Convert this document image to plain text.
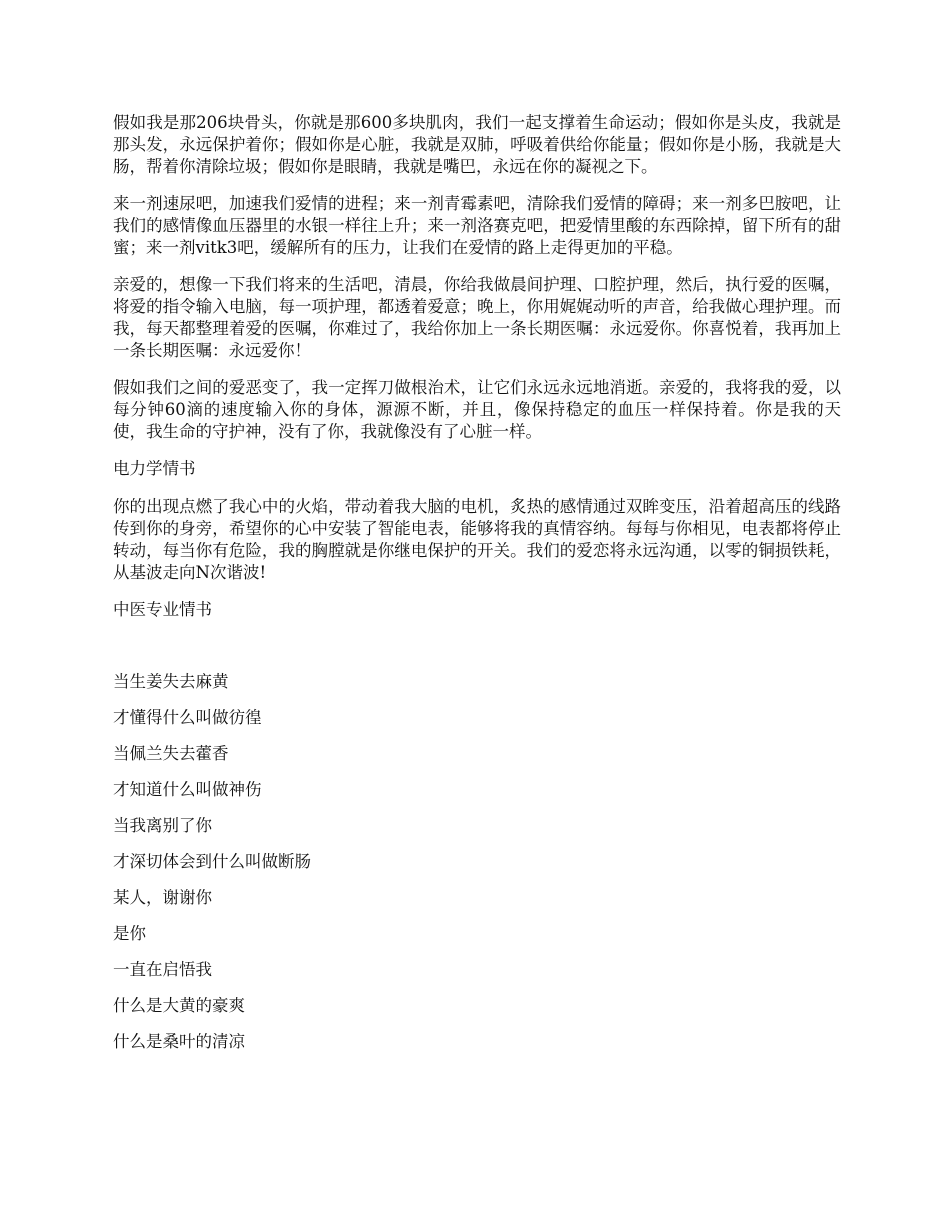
假如我是那206块骨头，你就是那600多块肌肉，我们一起支撑着生命运动；假如你是头皮，我就是那头发，永远保护着你；假如你是心脏，我就是双肺，呼吸着供给你能量；假如你是小肠，我就是大肠，帮着你清除垃圾；假如你是眼睛，我就是嘴巴，永远在你的凝视之下。

来一剂速尿吧，加速我们爱情的进程；来一剂青霉素吧，清除我们爱情的障碍；来一剂多巴胺吧，让我们的感情像血压器里的水银一样往上升；来一剂洛赛克吧，把爱情里酸的东西除掉，留下所有的甜蜜；来一剂vitk3吧，缓解所有的压力，让我们在爱情的路上走得更加的平稳。

亲爱的，想像一下我们将来的生活吧，清晨，你给我做晨间护理、口腔护理，然后，执行爱的医嘱，将爱的指令输入电脑，每一项护理，都透着爱意；晚上，你用娓娓动听的声音，给我做心理护理。而我，每天都整理着爱的医嘱，你难过了，我给你加上一条长期医嘱：永远爱你。你喜悦着，我再加上一条长期医嘱：永远爱你！

假如我们之间的爱恶变了，我一定挥刀做根治术，让它们永远永远地消逝。亲爱的，我将我的爱，以每分钟60滴的速度输入你的身体，源源不断，并且，像保持稳定的血压一样保持着。你是我的天使，我生命的守护神，没有了你，我就像没有了心脏一样。

电力学情书

你的出现点燃了我心中的火焰，带动着我大脑的电机，炙热的感情通过双眸变压，沿着超高压的线路传到你的身旁，希望你的心中安装了智能电表，能够将我的真情容纳。每每与你相见，电表都将停止转动，每当你有危险，我的胸膛就是你继电保护的开关。我们的爱恋将永远沟通，以零的铜损铁耗，从基波走向N次谐波!

中医专业情书

当生姜失去麻黄

才懂得什么叫做彷徨

当佩兰失去藿香

才知道什么叫做神伤

当我离别了你

才深切体会到什么叫做断肠

某人，谢谢你

是你

一直在启悟我

什么是大黄的豪爽

什么是桑叶的清凉
